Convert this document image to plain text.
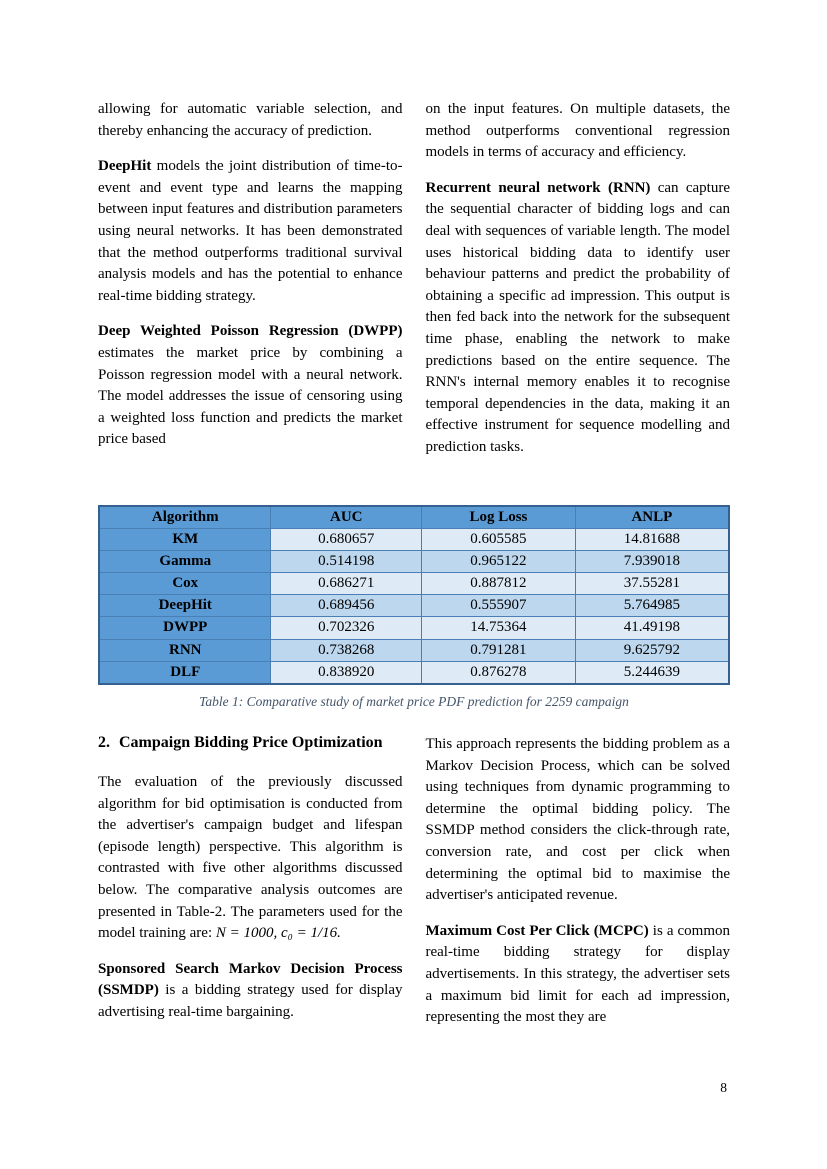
allowing for automatic variable selection, and thereby enhancing the accuracy of prediction.

DeepHit models the joint distribution of time-to-event and event type and learns the mapping between input features and distribution parameters using neural networks. It has been demonstrated that the method outperforms traditional survival analysis models and has the potential to enhance real-time bidding strategy.

Deep Weighted Poisson Regression (DWPP) estimates the market price by combining a Poisson regression model with a neural network. The model addresses the issue of censoring using a weighted loss function and predicts the market price based

on the input features. On multiple datasets, the method outperforms conventional regression models in terms of accuracy and efficiency.

Recurrent neural network (RNN) can capture the sequential character of bidding logs and can deal with sequences of variable length. The model uses historical bidding data to identify user behaviour patterns and predict the probability of obtaining a specific ad impression. This output is then fed back into the network for the subsequent time phase, enabling the network to make predictions based on the entire sequence. The RNN's internal memory enables it to recognise temporal dependencies in the data, making it an effective instrument for sequence modelling and prediction tasks.

Algorithm	AUC	Log Loss	ANLP
KM	0.680657	0.605585	14.81688
Gamma	0.514198	0.965122	7.939018
Cox	0.686271	0.887812	37.55281
DeepHit	0.689456	0.555907	5.764985
DWPP	0.702326	14.75364	41.49198
RNN	0.738268	0.791281	9.625792
DLF	0.838920	0.876278	5.244639
Table 1: Comparative study of market price PDF prediction for 2259 campaign
2. Campaign Bidding Price Optimization

The evaluation of the previously discussed algorithm for bid optimisation is conducted from the advertiser's campaign budget and lifespan (episode length) perspective. This algorithm is contrasted with five other algorithms discussed below. The comparative analysis outcomes are presented in Table-2. The parameters used for the model training are: N = 1000, c₀ = 1/16.

Sponsored Search Markov Decision Process (SSMDP) is a bidding strategy used for display advertising real-time bargaining.

This approach represents the bidding problem as a Markov Decision Process, which can be solved using techniques from dynamic programming to determine the optimal bidding policy. The SSMDP method considers the click-through rate, conversion rate, and cost per click when determining the optimal bid to maximise the advertiser's anticipated revenue.

Maximum Cost Per Click (MCPC) is a common real-time bidding strategy for display advertisements. In this strategy, the advertiser sets a maximum bid limit for each ad impression, representing the most they are

8
